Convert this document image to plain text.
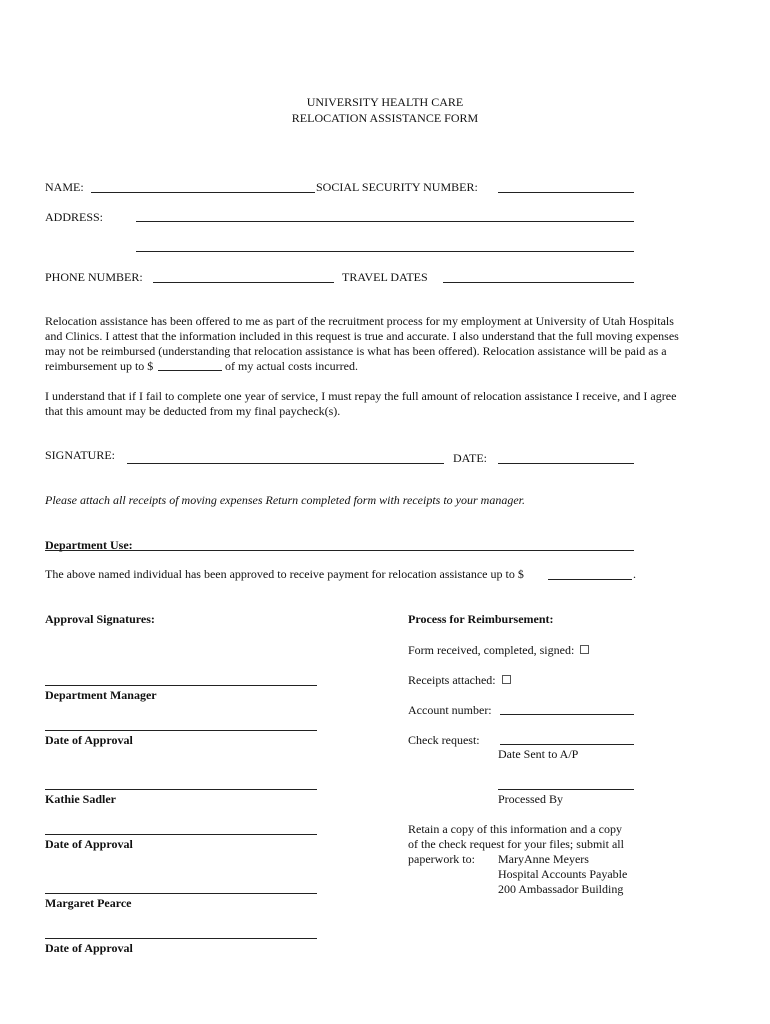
UNIVERSITY HEALTH CARE
RELOCATION ASSISTANCE FORM
NAME:	SOCIAL SECURITY NUMBER:
ADDRESS:
PHONE NUMBER:	TRAVEL DATES
Relocation assistance has been offered to me as part of the recruitment process for my employment at University of Utah Hospitals
and Clinics. I attest that the information included in this request is true and accurate. I also understand that the full moving expenses
may not be reimbursed (understanding that relocation assistance is what has been offered). Relocation assistance will be paid as a
reimbursement up to $	of my actual costs incurred.
I understand that if I fail to complete one year of service, I must repay the full amount of relocation assistance I receive, and I agree
that this amount may be deducted from my final paycheck(s).
SIGNATURE:	DATE:
Please attach all receipts of moving expenses Return completed form with receipts to your manager.
Department Use:
The above named individual has been approved to receive payment for relocation assistance up to $	.
Approval Signatures:
Department Manager
Date of Approval
Kathie Sadler
Date of Approval
Margaret Pearce
Date of Approval
Process for Reimbursement:
Form received, completed, signed:
Receipts attached:
Account number:
Check request:
Date Sent to A/P
Processed By
Retain a copy of this information and a copy
of the check request for your files; submit all
paperwork to: MaryAnne Meyers
Hospital Accounts Payable
200 Ambassador Building
